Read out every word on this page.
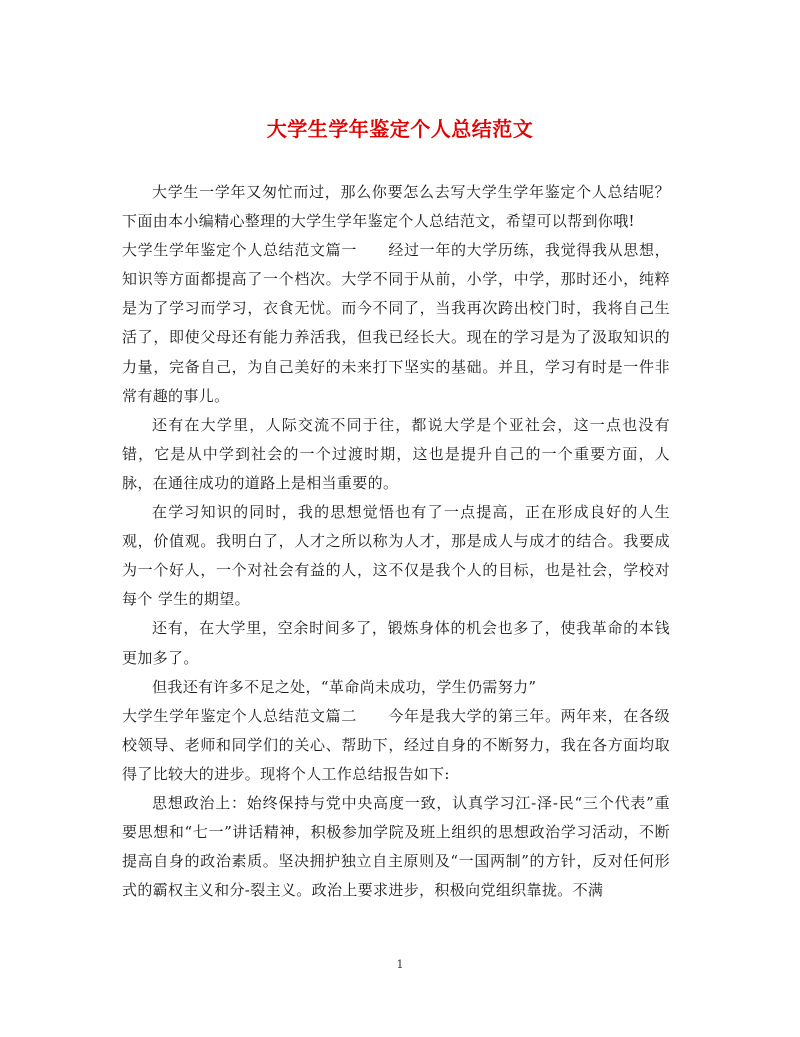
大学生学年鉴定个人总结范文

大学生一学年又匆忙而过，那么你要怎么去写大学生学年鉴定个人总结呢？下面由本小编精心整理的大学生学年鉴定个人总结范文，希望可以帮到你哦!

大学生学年鉴定个人总结范文篇一　　经过一年的大学历练，我觉得我从思想，知识等方面都提高了一个档次。大学不同于从前，小学，中学，那时还小，纯粹是为了学习而学习，衣食无忧。而今不同了，当我再次跨出校门时，我将自己生活了，即使父母还有能力养活我，但我已经长大。现在的学习是为了汲取知识的力量，完备自己，为自己美好的未来打下坚实的基础。并且，学习有时是一件非常有趣的事儿。

还有在大学里，人际交流不同于往，都说大学是个亚社会，这一点也没有错，它是从中学到社会的一个过渡时期，这也是提升自己的一个重要方面，人脉，在通往成功的道路上是相当重要的。

在学习知识的同时，我的思想觉悟也有了一点提高，正在形成良好的人生观，价值观。我明白了，人才之所以称为人才，那是成人与成才的结合。我要成为一个好人，一个对社会有益的人，这不仅是我个人的目标，也是社会，学校对每个 学生的期望。

还有，在大学里，空余时间多了，锻炼身体的机会也多了，使我革命的本钱更加多了。

但我还有许多不足之处，“革命尚未成功，学生仍需努力”

大学生学年鉴定个人总结范文篇二　　今年是我大学的第三年。两年来，在各级校领导、老师和同学们的关心、帮助下，经过自身的不断努力，我在各方面均取得了比较大的进步。现将个人工作总结报告如下:

思想政治上：始终保持与党中央高度一致，认真学习江-泽-民“三个代表”重要思想和“七一”讲话精神，积极参加学院及班上组织的思想政治学习活动，不断提高自身的政治素质。坚决拥护独立自主原则及“一国两制”的方针，反对任何形式的霸权主义和分-裂主义。政治上要求进步，积极向党组织靠拢。不满

1
